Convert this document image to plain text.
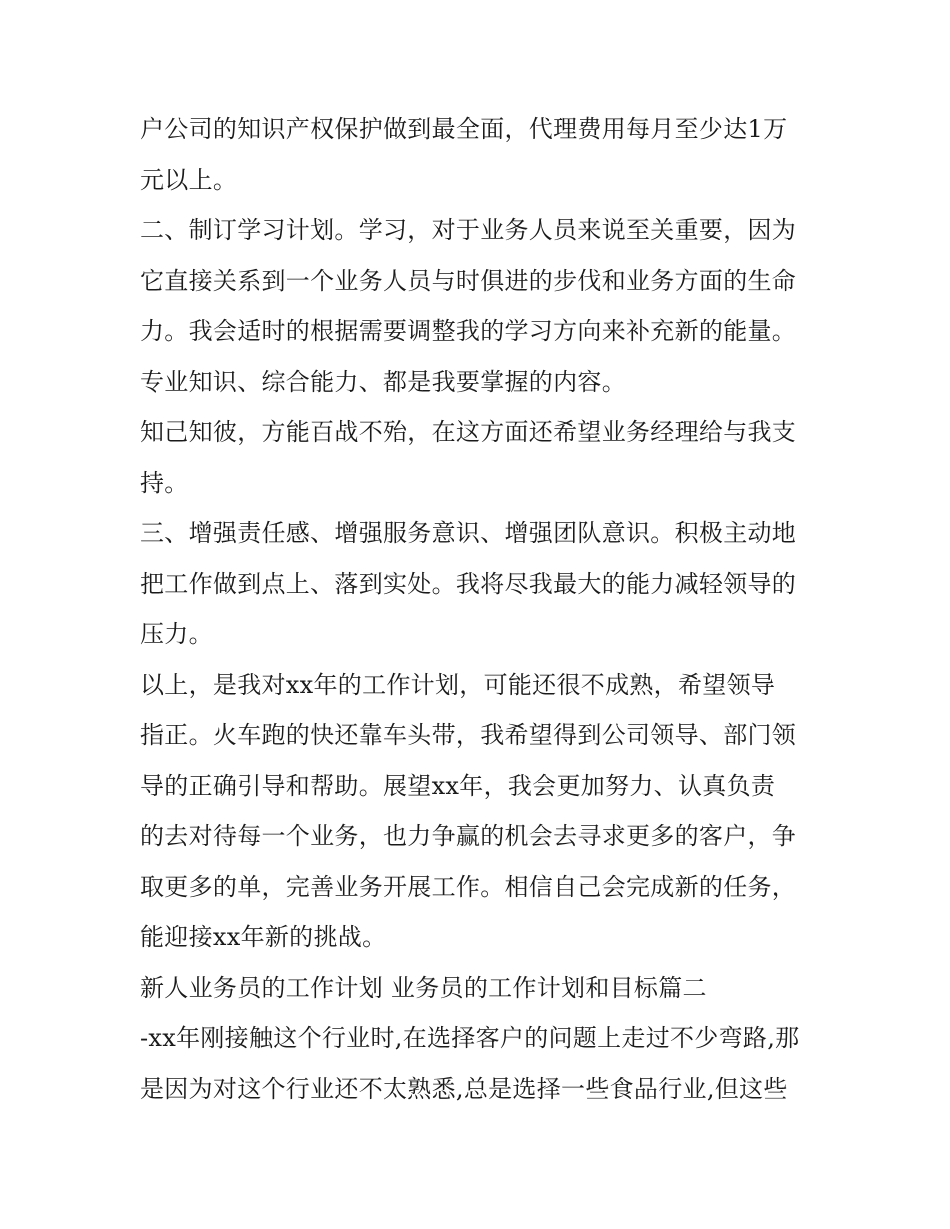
户公司的知识产权保护做到最全面，代理费用每月至少达1万
元以上。
二、制订学习计划。学习，对于业务人员来说至关重要，因为
它直接关系到一个业务人员与时俱进的步伐和业务方面的生命
力。我会适时的根据需要调整我的学习方向来补充新的能量。
专业知识、综合能力、都是我要掌握的内容。
知己知彼，方能百战不殆，在这方面还希望业务经理给与我支
持。
三、增强责任感、增强服务意识、增强团队意识。积极主动地
把工作做到点上、落到实处。我将尽我最大的能力减轻领导的
压力。
以上，是我对xx年的工作计划，可能还很不成熟，希望领导
指正。火车跑的快还靠车头带，我希望得到公司领导、部门领
导的正确引导和帮助。展望xx年，我会更加努力、认真负责
的去对待每一个业务，也力争赢的机会去寻求更多的客户，争
取更多的单，完善业务开展工作。相信自己会完成新的任务，
能迎接xx年新的挑战。
新人业务员的工作计划 业务员的工作计划和目标篇二
-xx年刚接触这个行业时,在选择客户的问题上走过不少弯路,那
是因为对这个行业还不太熟悉,总是选择一些食品行业,但这些
